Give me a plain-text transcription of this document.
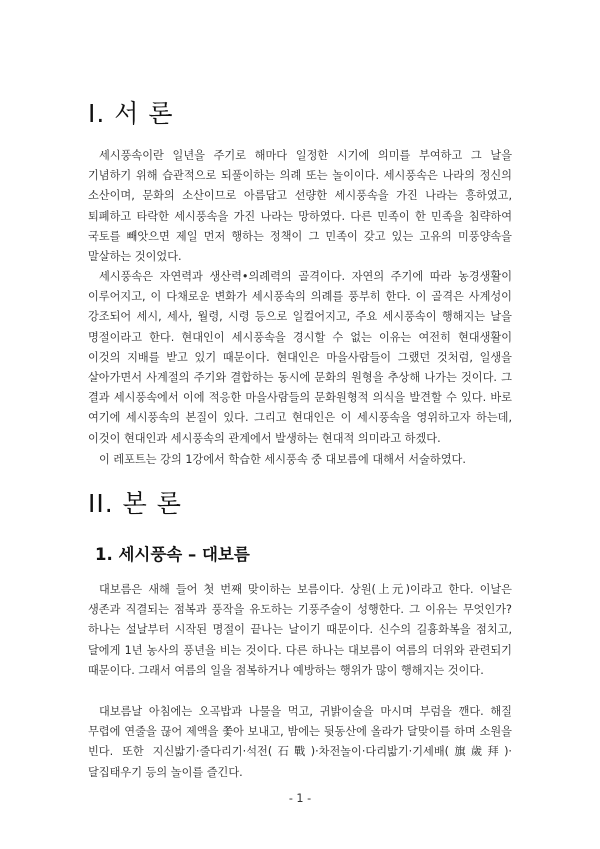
I. 서 론

세시풍속이란 일년을 주기로 해마다 일정한 시기에 의미를 부여하고 그 날을 기념하기 위해 습관적으로 되풀이하는 의례 또는 놀이이다. 세시풍속은 나라의 정신의 소산이며, 문화의 소산이므로 아름답고 선량한 세시풍속을 가진 나라는 흥하였고, 퇴폐하고 타락한 세시풍속을 가진 나라는 망하였다. 다른 민족이 한 민족을 침략하여 국토를 빼앗으면 제일 먼저 행하는 정책이 그 민족이 갖고 있는 고유의 미풍양속을 말살하는 것이었다.

세시풍속은 자연력과 생산력•의례력의 골격이다. 자연의 주기에 따라 농경생활이 이루어지고, 이 다채로운 변화가 세시풍속의 의례를 풍부히 한다. 이 골격은 사계성이 강조되어 세시, 세사, 월령, 시령 등으로 일컬어지고, 주요 세시풍속이 행해지는 날을 명절이라고 한다. 현대인이 세시풍속을 경시할 수 없는 이유는 여전히 현대생활이 이것의 지배를 받고 있기 때문이다. 현대인은 마을사람들이 그랬던 것처럼, 일생을 살아가면서 사계절의 주기와 결합하는 동시에 문화의 원형을 추상해 나가는 것이다. 그 결과 세시풍속에서 이에 적응한 마을사람들의 문화원형적 의식을 발견할 수 있다. 바로 여기에 세시풍속의 본질이 있다. 그리고 현대인은 이 세시풍속을 영위하고자 하는데, 이것이 현대인과 세시풍속의 관계에서 발생하는 현대적 의미라고 하겠다.

이 레포트는 강의 1강에서 학습한 세시풍속 중 대보름에 대해서 서술하였다.

II. 본 론
1. 세시풍속 – 대보름

대보름은 새해 들어 첫 번째 맞이하는 보름이다. 상원(上元)이라고 한다. 이날은 생존과 직결되는 점복과 풍작을 유도하는 기풍주술이 성행한다. 그 이유는 무엇인가? 하나는 설날부터 시작된 명절이 끝나는 날이기 때문이다. 신수의 길흉화복을 점치고, 달에게 1년 농사의 풍년을 비는 것이다. 다른 하나는 대보름이 여름의 더위와 관련되기 때문이다. 그래서 여름의 일을 점복하거나 예방하는 행위가 많이 행해지는 것이다.

대보름날 아침에는 오곡밥과 나물을 먹고, 귀밝이술을 마시며 부럼을 깬다. 해질 무렵에 연줄을 끊어 제액을 쫓아 보내고, 밤에는 뒷동산에 올라가 달맞이를 하며 소원을 빈다. 또한 지신밟기·줄다리기·석전(石戰)·차전놀이·다리밟기·기세배(旗歲拜)·달집태우기 등의 놀이를 즐긴다.

- 1 -
